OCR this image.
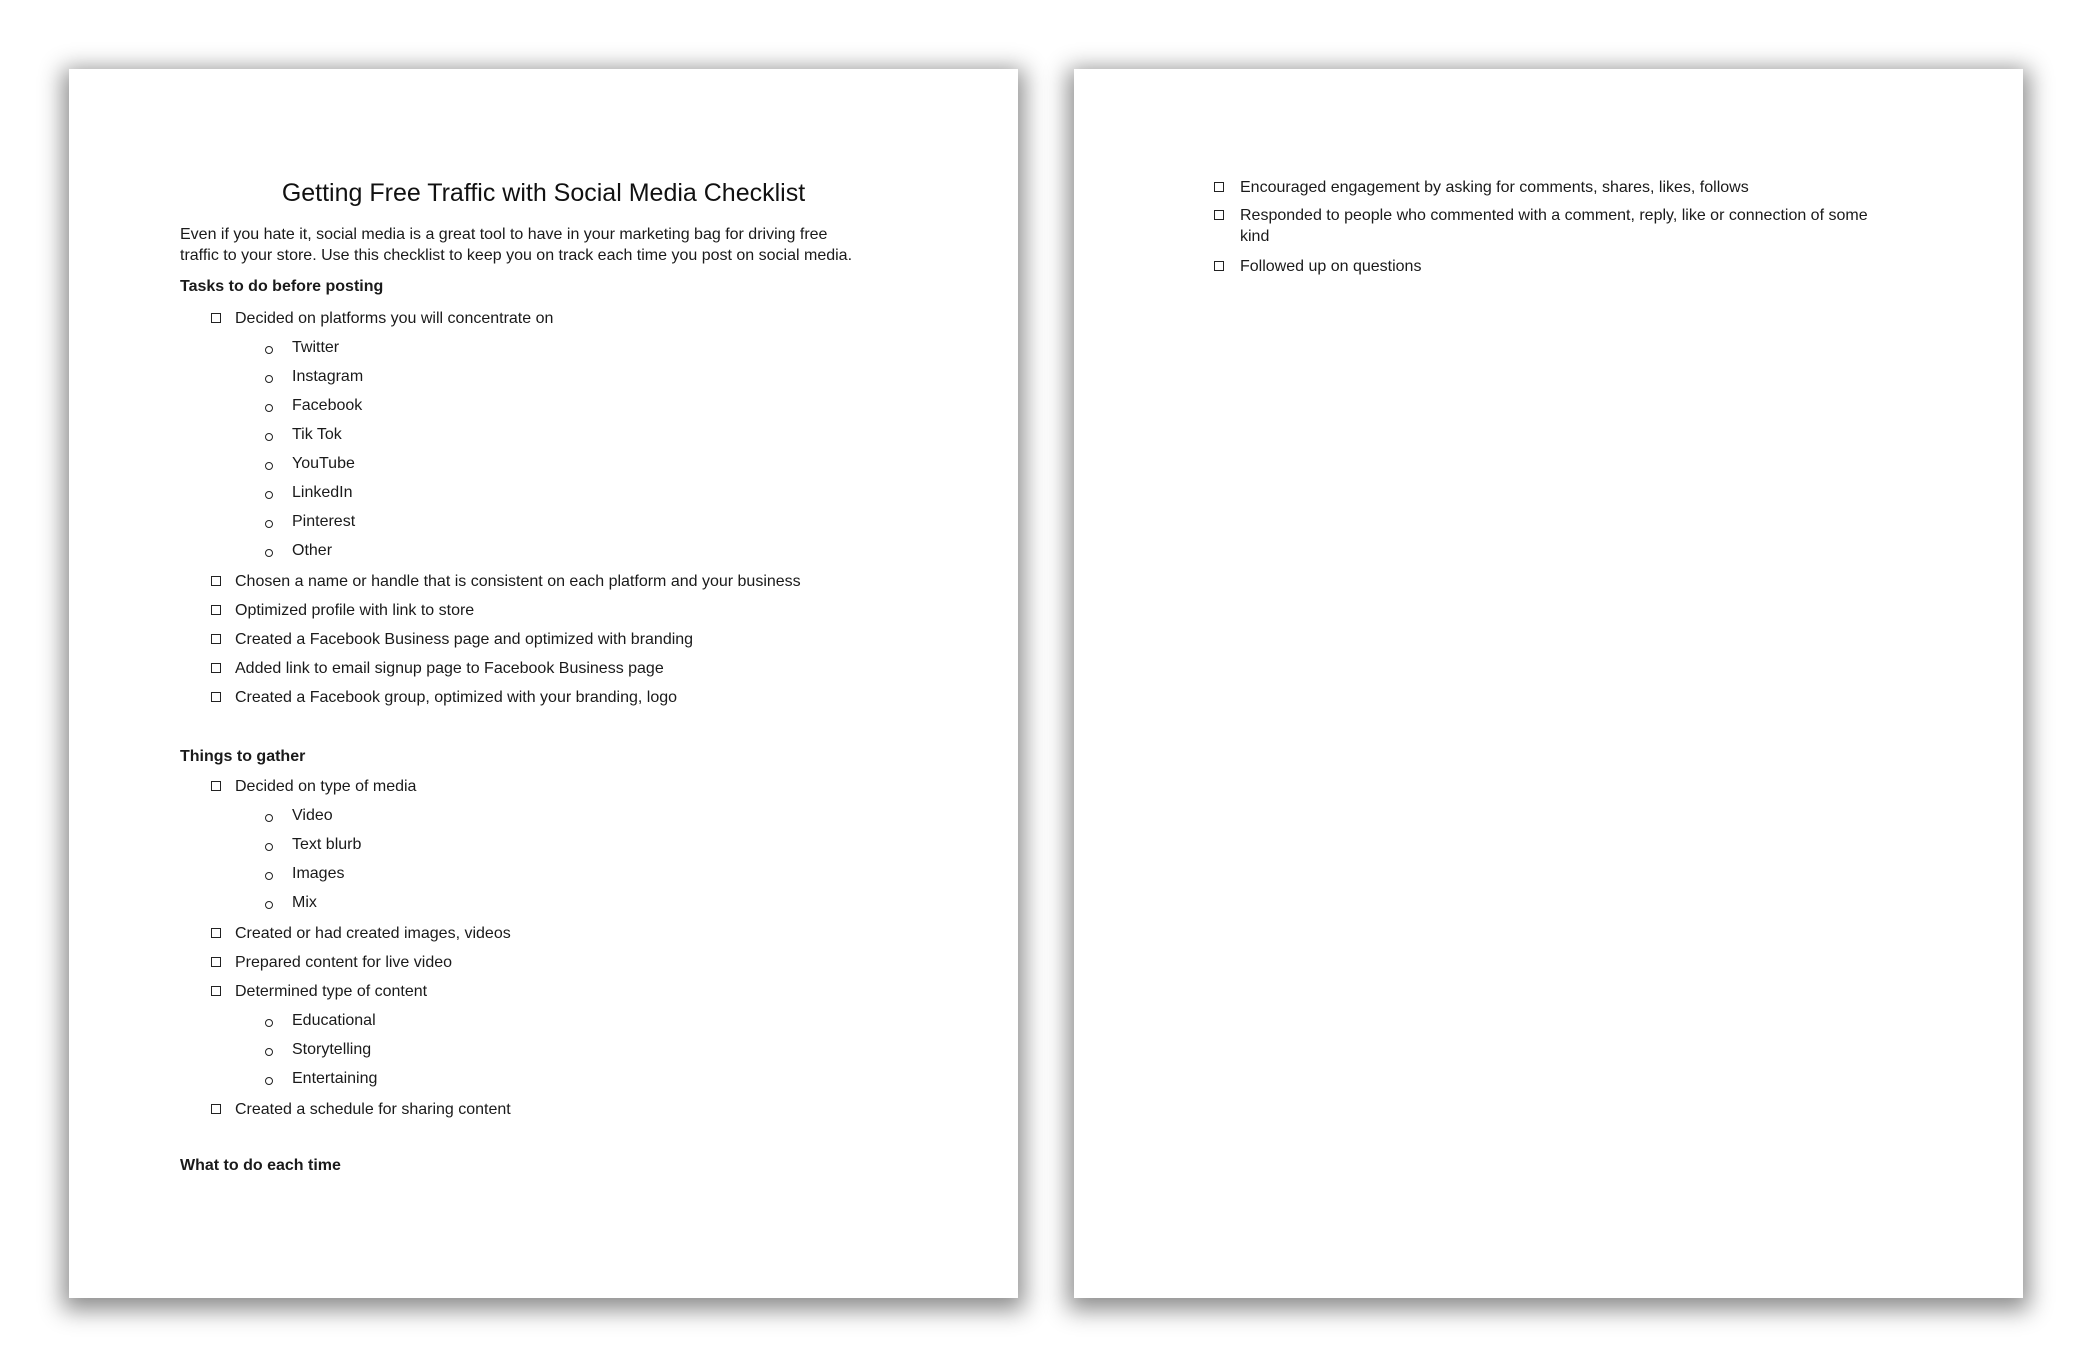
Getting Free Traffic with Social Media Checklist

Even if you hate it, social media is a great tool to have in your marketing bag for driving free
traffic to your store. Use this checklist to keep you on track each time you post on social media.

Tasks to do before posting
Decided on platforms you will concentrate on
Twitter
Instagram
Facebook
Tik Tok
YouTube
LinkedIn
Pinterest
Other
Chosen a name or handle that is consistent on each platform and your business
Optimized profile with link to store
Created a Facebook Business page and optimized with branding
Added link to email signup page to Facebook Business page
Created a Facebook group, optimized with your branding, logo
Things to gather
Decided on type of media
Video
Text blurb
Images
Mix
Created or had created images, videos
Prepared content for live video
Determined type of content
Educational
Storytelling
Entertaining
Created a schedule for sharing content
What to do each time
Encouraged engagement by asking for comments, shares, likes, follows
Responded to people who commented with a comment, reply, like or connection of some kind
Followed up on questions
